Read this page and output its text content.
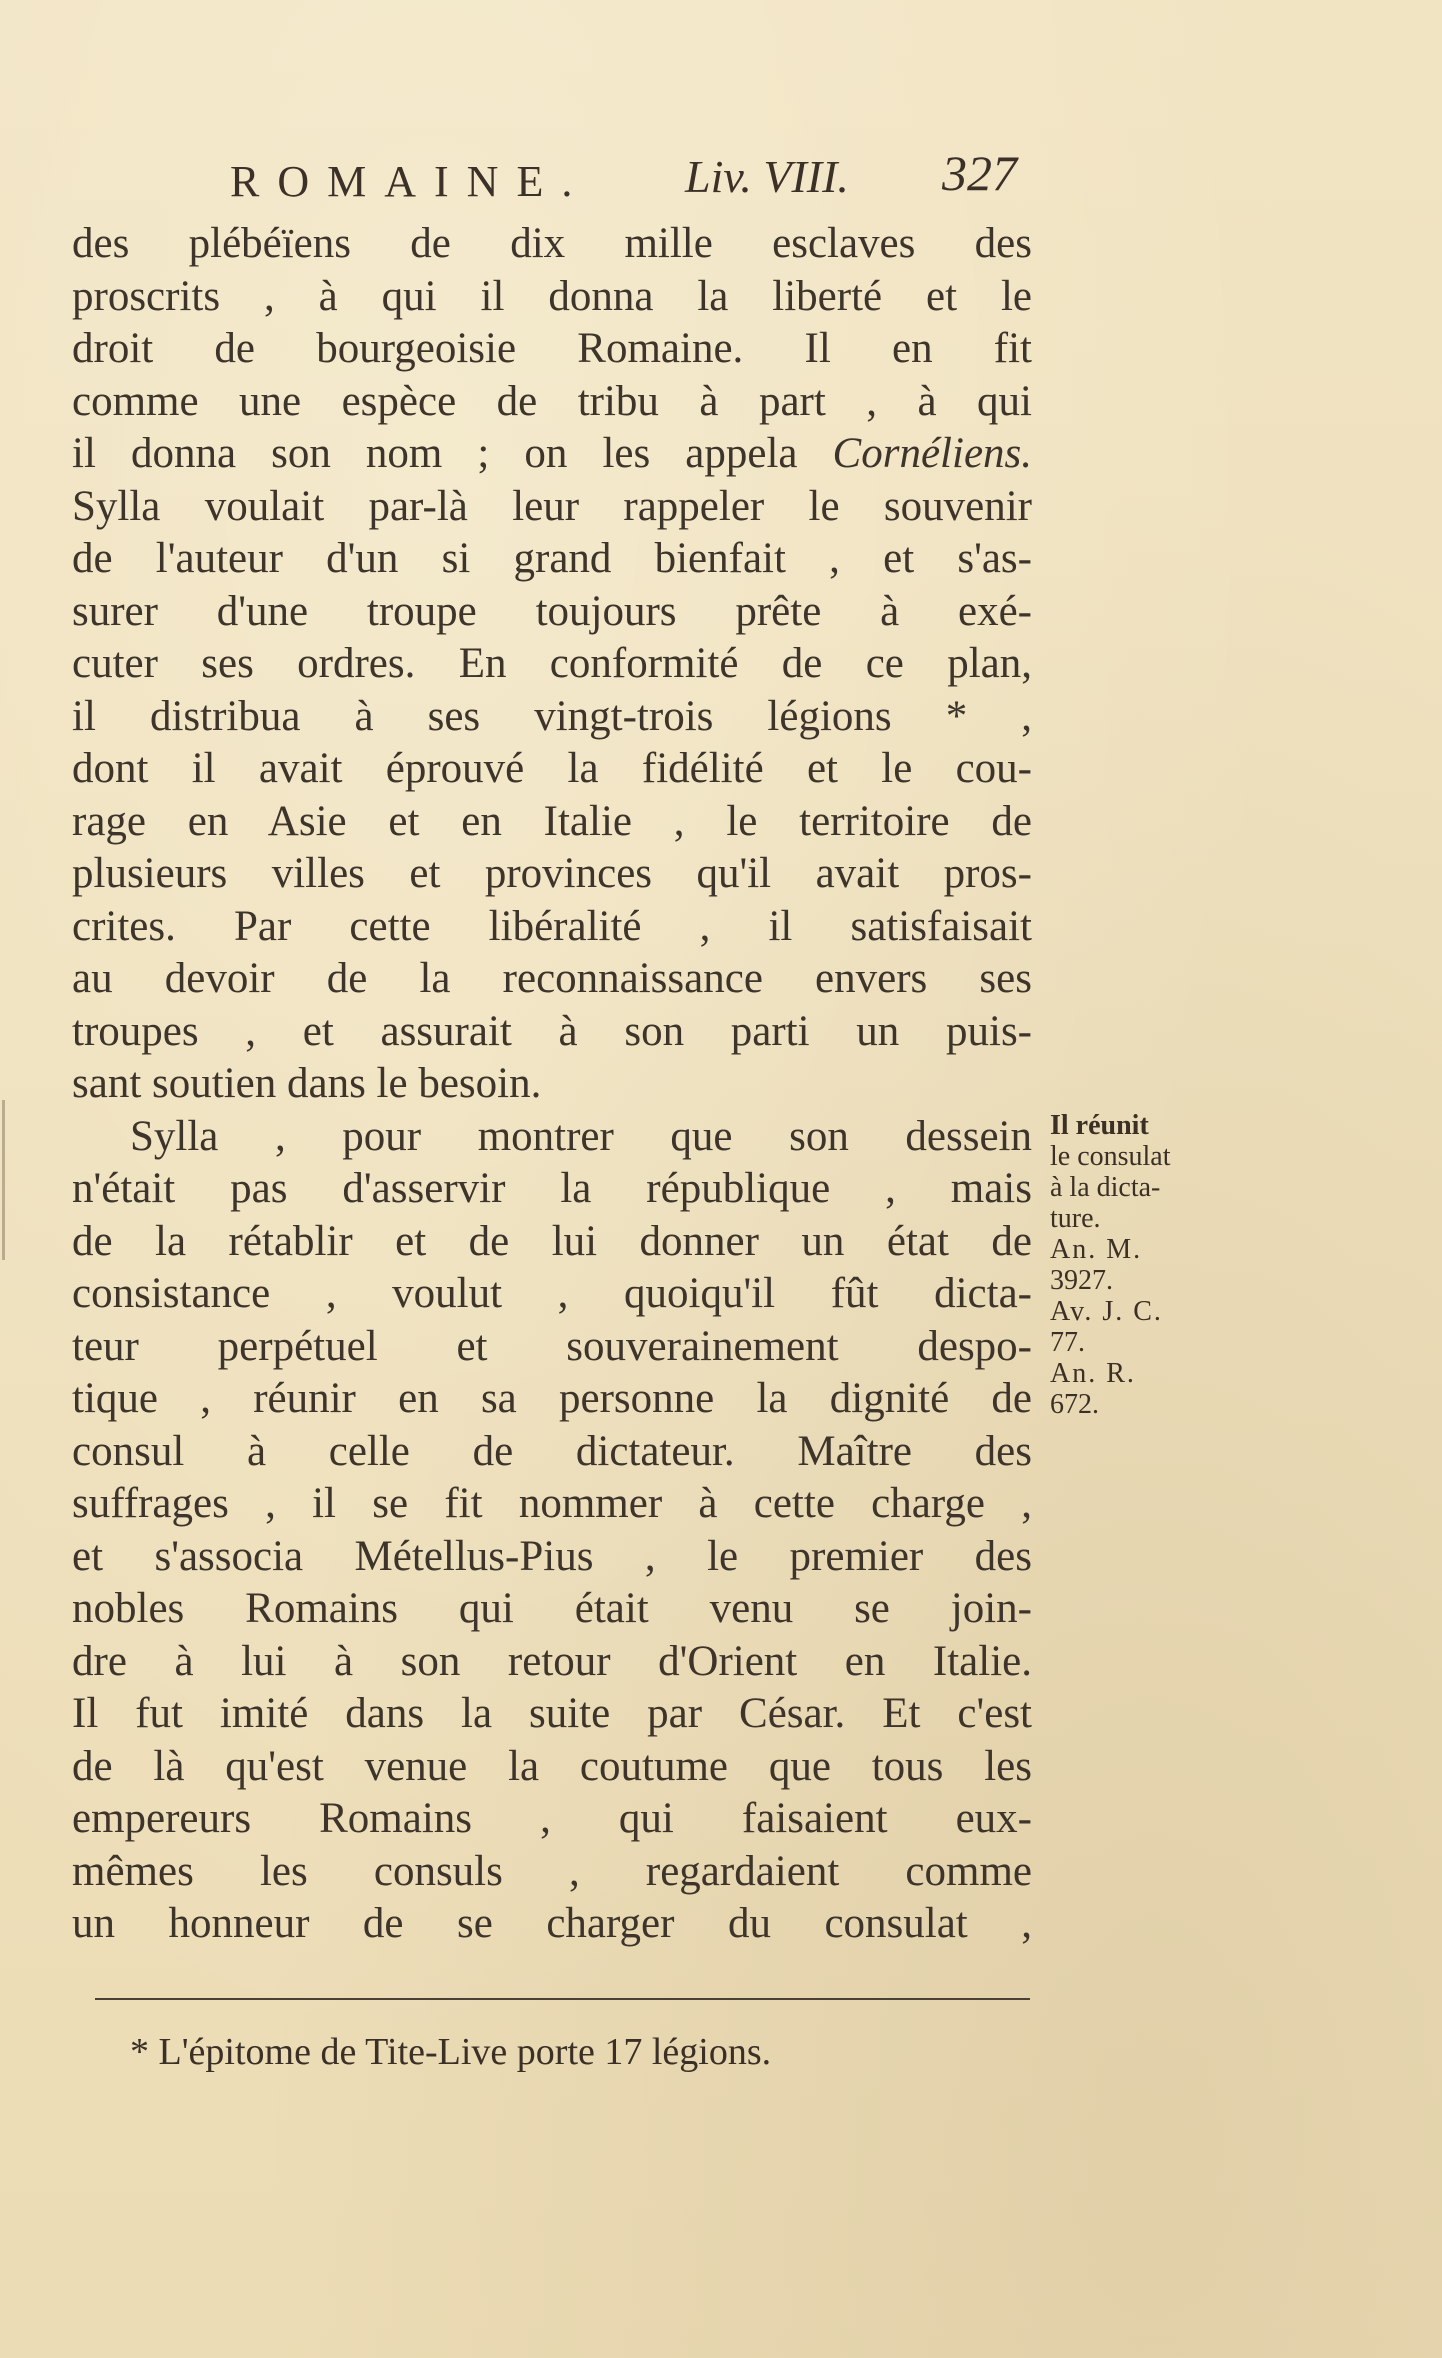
ROMAINE. Liv. VIII. 327
des plébéïens de dix mille esclaves des
proscrits , à qui il donna la liberté et le
droit de bourgeoisie Romaine. Il en fit
comme une espèce de tribu à part , à qui
il donna son nom ; on les appela Cornéliens.
Sylla voulait par-là leur rappeler le souvenir
de l'auteur d'un si grand bienfait , et s'as-
surer d'une troupe toujours prête à exé-
cuter ses ordres. En conformité de ce plan,
il distribua à ses vingt-trois légions * ,
dont il avait éprouvé la fidélité et le cou-
rage en Asie et en Italie , le territoire de
plusieurs villes et provinces qu'il avait pros-
crites. Par cette libéralité , il satisfaisait
au devoir de la reconnaissance envers ses
troupes , et assurait à son parti un puis-
sant soutien dans le besoin.
Sylla , pour montrer que son dessein
n'était pas d'asservir la république , mais
de la rétablir et de lui donner un état de
consistance , voulut , quoiqu'il fût dicta-
teur perpétuel et souverainement despo-
tique , réunir en sa personne la dignité de
consul à celle de dictateur. Maître des
suffrages , il se fit nommer à cette charge ,
et s'associa Métellus-Pius , le premier des
nobles Romains qui était venu se join-
dre à lui à son retour d'Orient en Italie.
Il fut imité dans la suite par César. Et c'est
de là qu'est venue la coutume que tous les
empereurs Romains , qui faisaient eux-
mêmes les consuls , regardaient comme
un honneur de se charger du consulat ,
Il réunit
le consulat
à la dicta-
ture.
An. M.
3927.
Av. J. C.
77.
An. R.
672.
* L'épitome de Tite-Live porte 17 légions.
